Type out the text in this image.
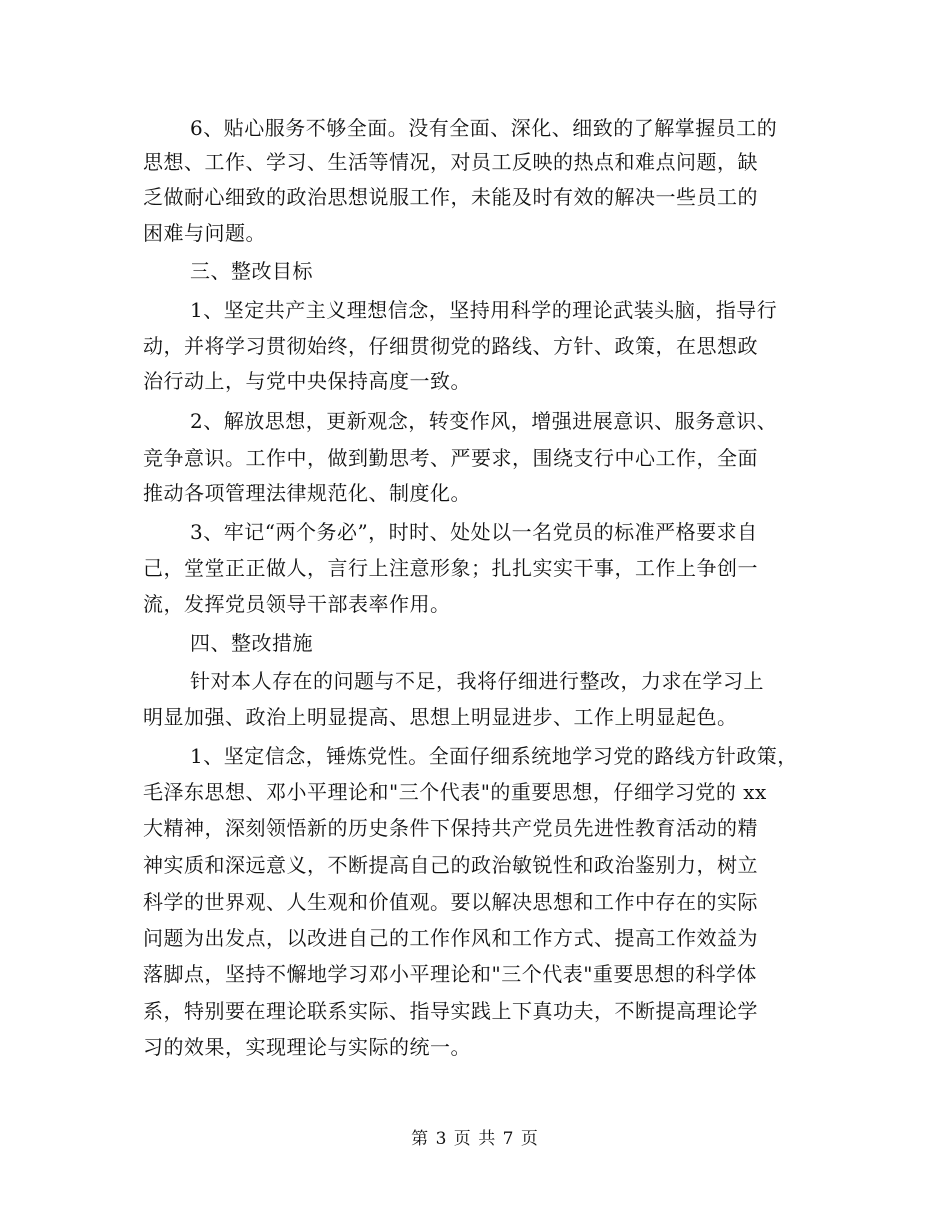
6、贴心服务不够全面。没有全面、深化、细致的了解掌握员工的
思想、工作、学习、生活等情况，对员工反映的热点和难点问题，缺
乏做耐心细致的政治思想说服工作，未能及时有效的解决一些员工的
困难与问题。
三、整改目标
1、坚定共产主义理想信念，坚持用科学的理论武装头脑，指导行
动，并将学习贯彻始终，仔细贯彻党的路线、方针、政策，在思想政
治行动上，与党中央保持高度一致。
2、解放思想，更新观念，转变作风，增强进展意识、服务意识、
竞争意识。工作中，做到勤思考、严要求，围绕支行中心工作，全面
推动各项管理法律规范化、制度化。
3、牢记“两个务必”，时时、处处以一名党员的标准严格要求自
己，堂堂正正做人，言行上注意形象；扎扎实实干事，工作上争创一
流，发挥党员领导干部表率作用。
四、整改措施
针对本人存在的问题与不足，我将仔细进行整改，力求在学习上
明显加强、政治上明显提高、思想上明显进步、工作上明显起色。
1、坚定信念，锤炼党性。全面仔细系统地学习党的路线方针政策，
毛泽东思想、邓小平理论和"三个代表"的重要思想，仔细学习党的 xx
大精神，深刻领悟新的历史条件下保持共产党员先进性教育活动的精
神实质和深远意义，不断提高自己的政治敏锐性和政治鉴别力，树立
科学的世界观、人生观和价值观。要以解决思想和工作中存在的实际
问题为出发点，以改进自己的工作作风和工作方式、提高工作效益为
落脚点，坚持不懈地学习邓小平理论和"三个代表"重要思想的科学体
系，特别要在理论联系实际、指导实践上下真功夫，不断提高理论学
习的效果，实现理论与实际的统一。
第 3 页 共 7 页
